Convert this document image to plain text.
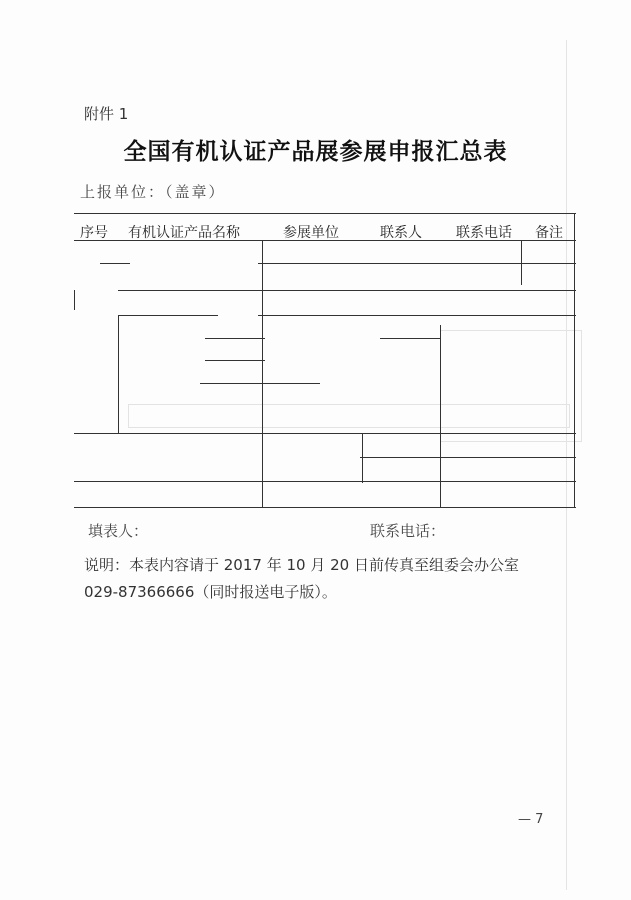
附件 1
全国有机认证产品展参展申报汇总表
上报单位：（盖章）
序号 有机认证产品名称	参展单位	联系人 联系电话 备注
填表人：	联系电话：
说明：本表内容请于 2017 年 10 月 20 日前传真至组委会办公室
029-87366666（同时报送电子版）。
— 7
